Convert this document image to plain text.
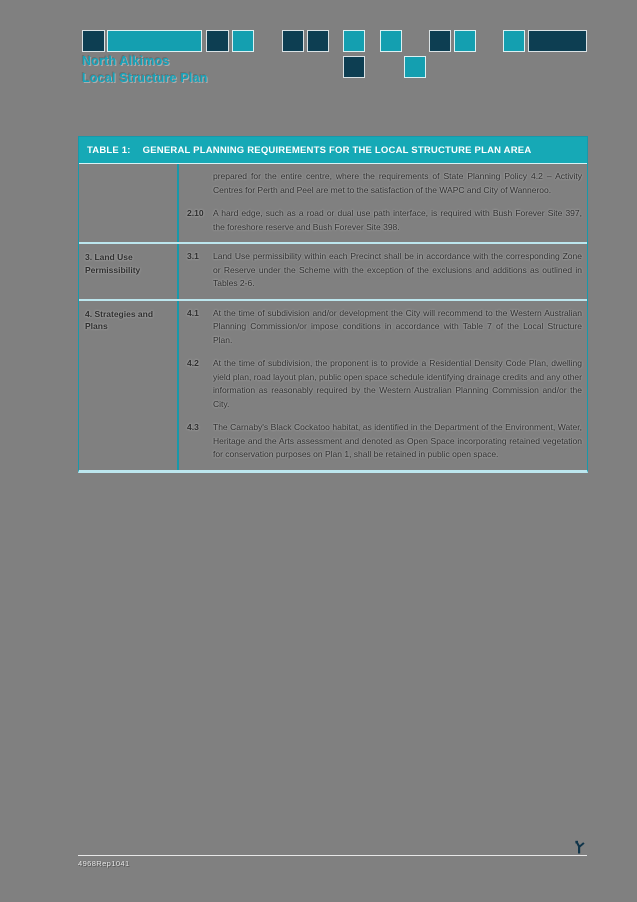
North Alkimos
Local Structure Plan
TABLE 1: GENERAL PLANNING REQUIREMENTS FOR THE LOCAL STRUCTURE PLAN AREA
prepared for the entire centre, where the requirements of State Planning Policy 4.2 – Activity Centres for Perth and Peel are met to the satisfaction of the WAPC and City of Wanneroo.
2.10	A hard edge, such as a road or dual use path interface, is required with Bush Forever Site 397, the foreshore reserve and Bush Forever Site 398.
3. Land Use Permissibility
3.1	Land Use permissibility within each Precinct shall be in accordance with the corresponding Zone or Reserve under the Scheme with the exception of the exclusions and additions as outlined in Tables 2-6.
4. Strategies and Plans
4.1	At the time of subdivision and/or development the City will recommend to the Western Australian Planning Commission/or impose conditions in accordance with Table 7 of the Local Structure Plan.
4.2	At the time of subdivision, the proponent is to provide a Residential Density Code Plan, dwelling yield plan, road layout plan, public open space schedule identifying drainage credits and any other information as reasonably required by the Western Australian Planning Commission and/or the City.
4.3	The Carnaby's Black Cockatoo habitat, as identified in the Department of the Environment, Water, Heritage and the Arts assessment and denoted as Open Space incorporating retained vegetation for conservation purposes on Plan 1, shall be retained in public open space.
4968Rep1041
